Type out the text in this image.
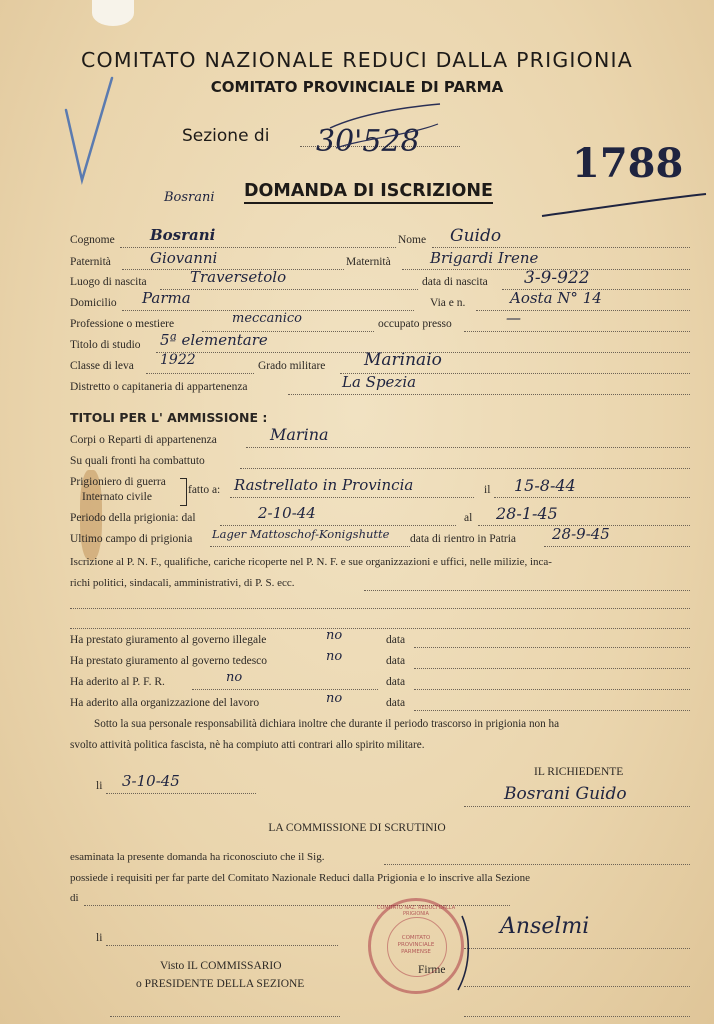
COMITATO NAZIONALE REDUCI DALLA PRIGIONIA
COMITATO PROVINCIALE DI PARMA
Sezione di 30'528	1788
Bosrani DOMANDA DI ISCRIZIONE
Cognome Bosrani	Nome Guido
Paternità	Giovanni	Maternità	Brigardi Irene
Luogo di nascita	Traversetolo	data di nascita 3-9-922
Domicilio Parma	Via e n.	Aosta N° 14
Professione o mestiere	meccanico	occupato presso	—
Titolo di studio 5ª elementare
Classe di leva 1922	Grado militare Marinaio
Distretto o capitaneria di appartenenza	La Spezia
TITOLI PER L' AMMISSIONE :
Corpi o Reparti di appartenenza	Marina
Su quali fronti ha combattuto
Prigioniero di guerra
Internato civile
fatto a: Rastrellato in Provincia	il 15-8-44
Periodo della prigionia: dal	2-10-44	al 28-1-45
Ultimo campo di prigionia Lager Mattoschof-Konigshutte data di rientro in Patria 28-9-45
Iscrizione al P. N. F., qualifiche, cariche ricoperte nel P. N. F. e sue organizzazioni e uffici, nelle milizie, inca-
richi politici, sindacali, amministrativi, di P. S. ecc.
Ha prestato giuramento al governo illegale	no	data
Ha prestato giuramento al governo tedesco	no	data
Ha aderito al P. F. R.	no	data
Ha aderito alla organizzazione del lavoro	no	data
Sotto la sua personale responsabilità dichiara inoltre che durante il periodo trascorso in prigionia non ha
svolto attività politica fascista, nè ha compiuto atti contrari allo spirito militare.
li 3-10-45	IL RICHIEDENTE
Bosrani Guido
LA COMMISSIONE DI SCRUTINIO
esaminata la presente domanda ha riconosciuto che il Sig.
possiede i requisiti per far parte del Comitato Nazionale Reduci dalla Prigionia e lo inscrive alla Sezione
di
li	Anselmi
Visto IL COMMISSARIO
o PRESIDENTE DELLA SEZIONE
Firme
COMITATO NAZ. REDUCI DALLA PRIGIONIA
COMITATO PROVINCIALE PARMENSE
